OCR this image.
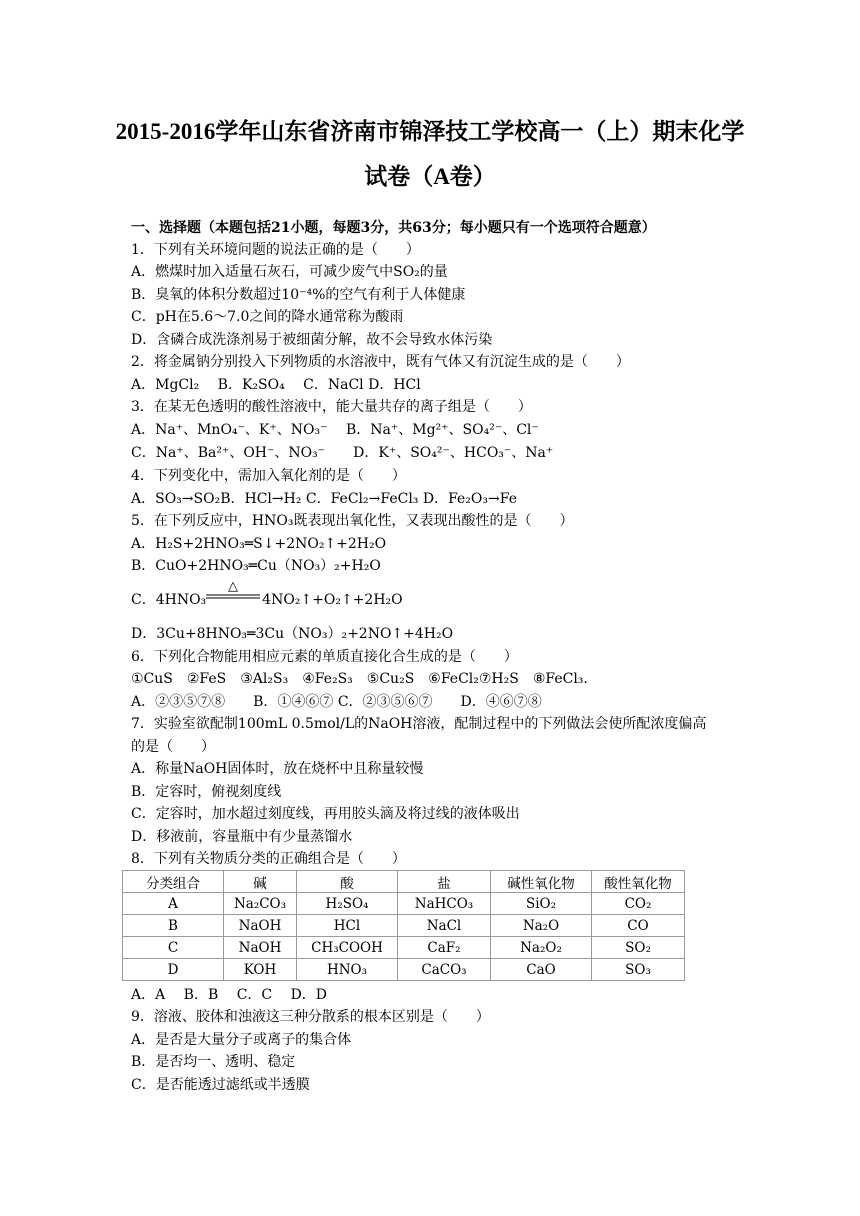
2015-2016学年山东省济南市锦泽技工学校高一（上）期末化学
试卷（A卷）
一、选择题（本题包括21小题，每题3分，共63分；每小题只有一个选项符合题意）
1．下列有关环境问题的说法正确的是（　　）
A．燃煤时加入适量石灰石，可减少废气中SO₂的量
B．臭氧的体积分数超过10⁻⁴%的空气有利于人体健康
C．pH在5.6～7.0之间的降水通常称为酸雨
D．含磷合成洗涤剂易于被细菌分解，故不会导致水体污染
2．将金属钠分别投入下列物质的水溶液中，既有气体又有沉淀生成的是（　　）
A．MgCl₂　 B．K₂SO₄　 C．NaCl D．HCl
3．在某无色透明的酸性溶液中，能大量共存的离子组是（　　）
A．Na⁺、MnO₄⁻、K⁺、NO₃⁻　 B．Na⁺、Mg²⁺、SO₄²⁻、Cl⁻
C．Na⁺、Ba²⁺、OH⁻、NO₃⁻　　D．K⁺、SO₄²⁻、HCO₃⁻、Na⁺
4．下列变化中，需加入氧化剂的是（　　）
A．SO₃→SO₂B．HCl→H₂ C．FeCl₂→FeCl₃ D．Fe₂O₃→Fe
5．在下列反应中，HNO₃既表现出氧化性，又表现出酸性的是（　　）
A．H₂S+2HNO₃═S↓+2NO₂↑+2H₂O
B．CuO+2HNO₃═Cu（NO₃）₂+H₂O
△
C．4HNO₃　　　　4NO₂↑+O₂↑+2H₂O
D．3Cu+8HNO₃═3Cu（NO₃）₂+2NO↑+4H₂O
6．下列化合物能用相应元素的单质直接化合生成的是（　　）
①CuS　②FeS　③Al₂S₃　④Fe₂S₃　⑤Cu₂S　⑥FeCl₂⑦H₂S　⑧FeCl₃．
A．②③⑤⑦⑧　　B．①④⑥⑦ C．②③⑤⑥⑦　　D．④⑥⑦⑧
7．实验室欲配制100mL 0.5mol/L的NaOH溶液，配制过程中的下列做法会使所配浓度偏高
的是（　　）
A．称量NaOH固体时，放在烧杯中且称量较慢
B．定容时，俯视刻度线
C．定容时，加水超过刻度线，再用胶头滴及将过线的液体吸出
D．移液前，容量瓶中有少量蒸馏水
8．下列有关物质分类的正确组合是（　　）
分类组合	碱	酸	盐	碱性氧化物	酸性氧化物
A	Na₂CO₃	H₂SO₄	NaHCO₃	SiO₂	CO₂
B	NaOH	HCl	NaCl	Na₂O	CO
C	NaOH	CH₃COOH	CaF₂	Na₂O₂	SO₂
D	KOH	HNO₃	CaCO₃	CaO	SO₃
A．A　 B．B　 C．C　 D．D
9．溶液、胶体和浊液这三种分散系的根本区别是（　　）
A．是否是大量分子或离子的集合体
B．是否均一、透明、稳定
C．是否能透过滤纸或半透膜
